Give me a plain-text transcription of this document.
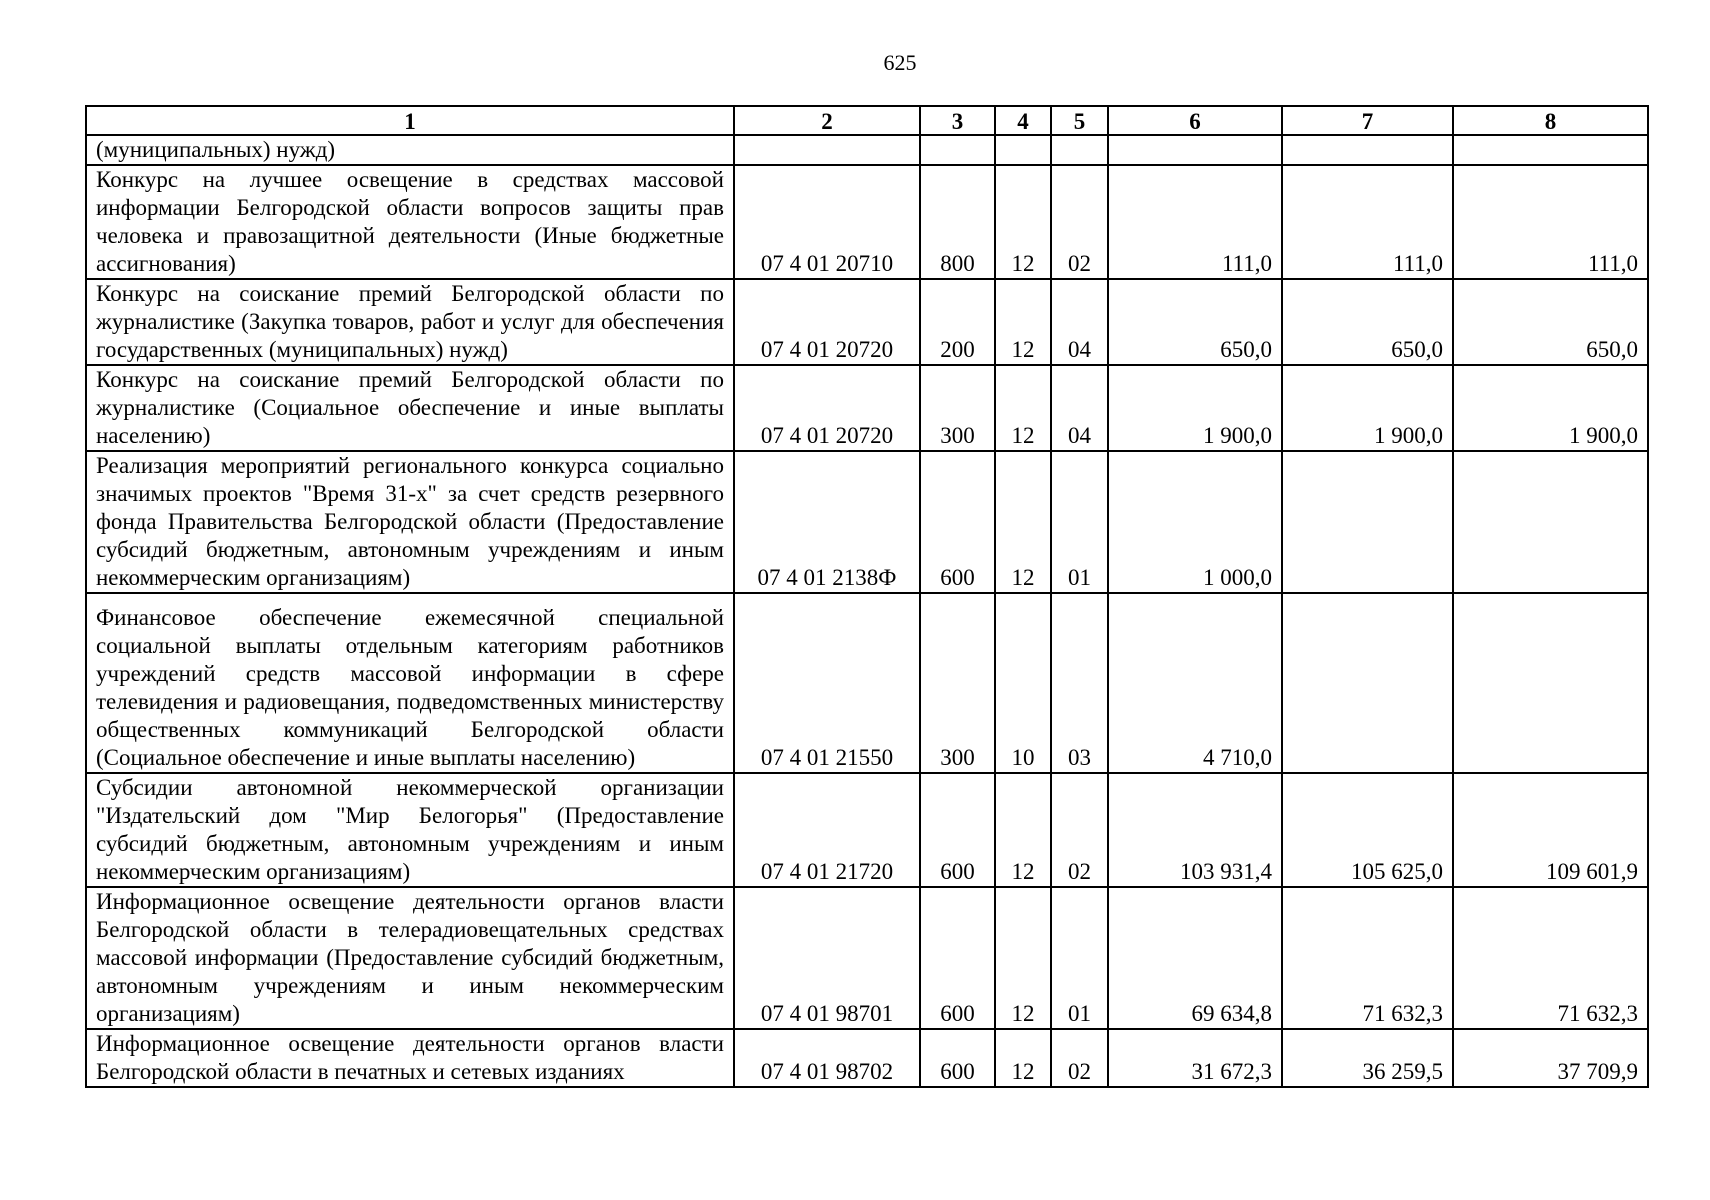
625
1	2	3	4	5	6	7	8
(муниципальных) нужд)							
Конкурс на лучшее освещение в средствах массовой информации Белгородской области вопросов защиты прав человека и правозащитной деятельности (Иные бюджетные ассигнования)	07 4 01 20710	800	12	02	111,0	111,0	111,0
Конкурс на соискание премий Белгородской области по журналистике (Закупка товаров, работ и услуг для обеспечения государственных (муниципальных) нужд)	07 4 01 20720	200	12	04	650,0	650,0	650,0
Конкурс на соискание премий Белгородской области по журналистике (Социальное обеспечение и иные выплаты населению)	07 4 01 20720	300	12	04	1 900,0	1 900,0	1 900,0
Реализация мероприятий регионального конкурса социально значимых проектов "Время 31-х" за счет средств резервного фонда Правительства Белгородской области (Предоставление субсидий бюджетным, автономным учреждениям и иным некоммерческим организациям)	07 4 01 2138Ф	600	12	01	1 000,0		
Финансовое обеспечение ежемесячной специальной социальной выплаты отдельным категориям работников учреждений средств массовой информации в сфере телевидения и радиовещания, подведомственных министерству общественных коммуникаций Белгородской области (Социальное обеспечение и иные выплаты населению)	07 4 01 21550	300	10	03	4 710,0		
Субсидии автономной некоммерческой организации "Издательский дом "Мир Белогорья" (Предоставление субсидий бюджетным, автономным учреждениям и иным некоммерческим организациям)	07 4 01 21720	600	12	02	103 931,4	105 625,0	109 601,9
Информационное освещение деятельности органов власти Белгородской области в телерадиовещательных средствах массовой информации (Предоставление субсидий бюджетным, автономным учреждениям и иным некоммерческим организациям)	07 4 01 98701	600	12	01	69 634,8	71 632,3	71 632,3
Информационное освещение деятельности органов власти Белгородской области в печатных и сетевых изданиях	07 4 01 98702	600	12	02	31 672,3	36 259,5	37 709,9
